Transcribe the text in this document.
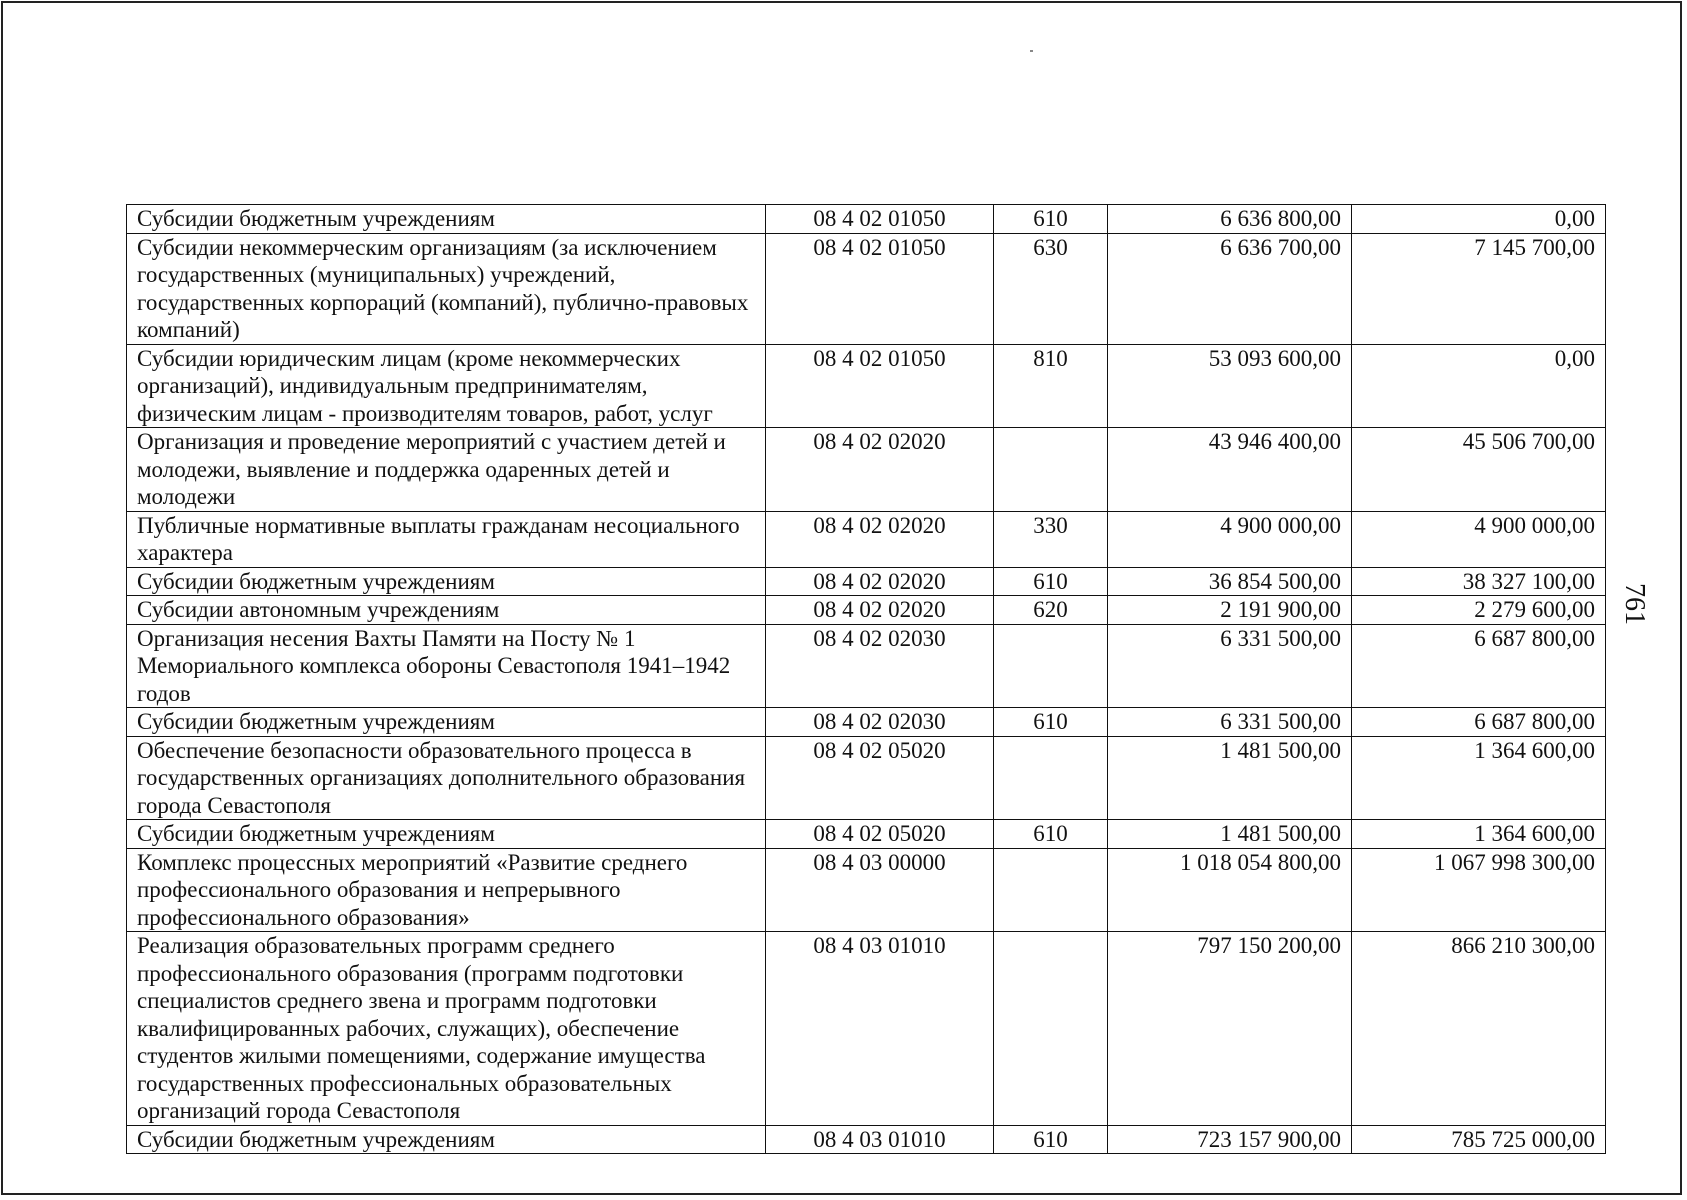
Субсидии бюджетным учреждениям	08 4 02 01050	610	6 636 800,00	0,00
Субсидии некоммерческим организациям (за исключением государственных (муниципальных) учреждений, государственных корпораций (компаний), публично-правовых компаний)	08 4 02 01050	630	6 636 700,00	7 145 700,00
Субсидии юридическим лицам (кроме некоммерческих организаций), индивидуальным предпринимателям, физическим лицам - производителям товаров, работ, услуг	08 4 02 01050	810	53 093 600,00	0,00
Организация и проведение мероприятий с участием детей и молодежи, выявление и поддержка одаренных детей и молодежи	08 4 02 02020		43 946 400,00	45 506 700,00
Публичные нормативные выплаты гражданам несоциального характера	08 4 02 02020	330	4 900 000,00	4 900 000,00
Субсидии бюджетным учреждениям	08 4 02 02020	610	36 854 500,00	38 327 100,00
Субсидии автономным учреждениям	08 4 02 02020	620	2 191 900,00	2 279 600,00
Организация несения Вахты Памяти на Посту № 1 Мемориального комплекса обороны Севастополя 1941–1942 годов	08 4 02 02030		6 331 500,00	6 687 800,00
Субсидии бюджетным учреждениям	08 4 02 02030	610	6 331 500,00	6 687 800,00
Обеспечение безопасности образовательного процесса в государственных организациях дополнительного образования города Севастополя	08 4 02 05020		1 481 500,00	1 364 600,00
Субсидии бюджетным учреждениям	08 4 02 05020	610	1 481 500,00	1 364 600,00
Комплекс процессных мероприятий «Развитие среднего профессионального образования и непрерывного профессионального образования»	08 4 03 00000		1 018 054 800,00	1 067 998 300,00
Реализация образовательных программ среднего профессионального образования (программ подготовки специалистов среднего звена и программ подготовки квалифицированных рабочих, служащих), обеспечение студентов жилыми помещениями, содержание имущества государственных профессиональных образовательных организаций города Севастополя	08 4 03 01010		797 150 200,00	866 210 300,00
Субсидии бюджетным учреждениям	08 4 03 01010	610	723 157 900,00	785 725 000,00
761
